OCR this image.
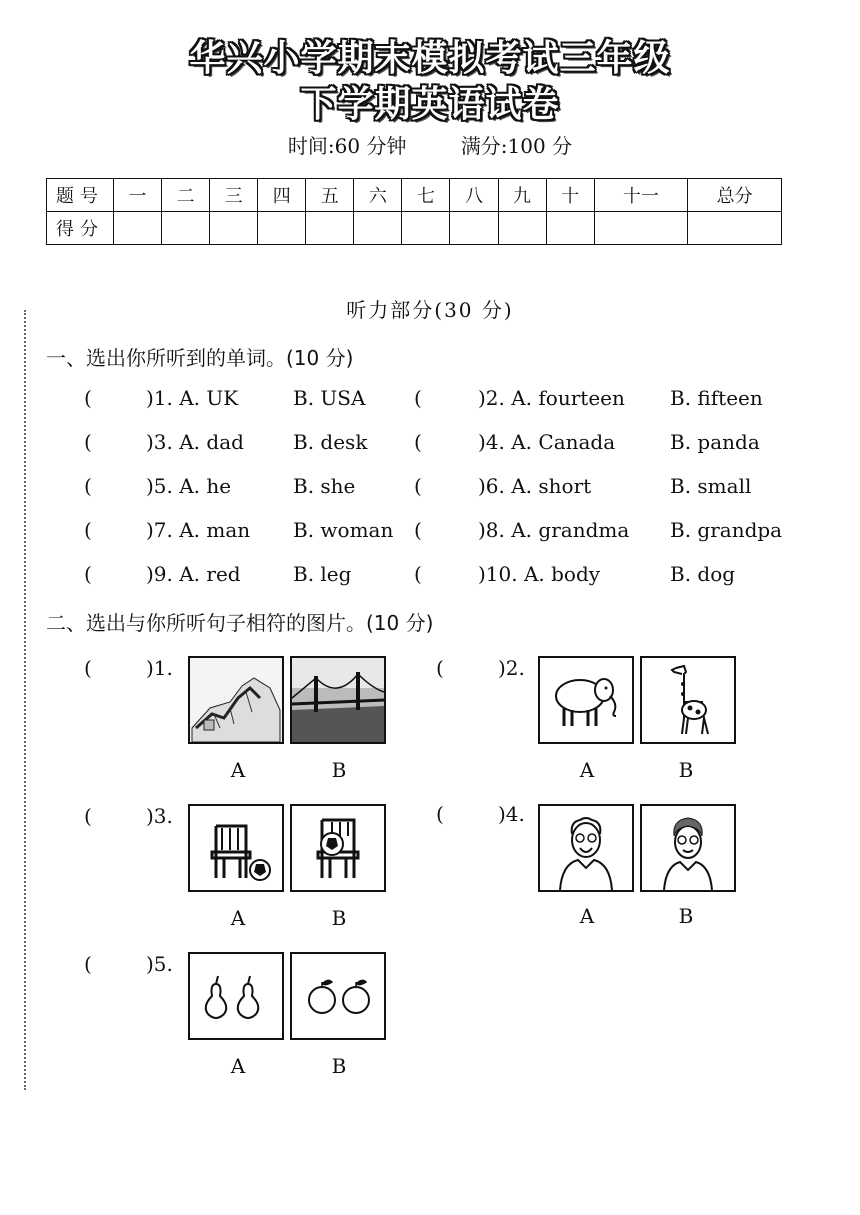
华兴小学期末模拟考试三年级
下学期英语试卷
时间:60 分钟	满分:100 分
题号	一	二	三	四	五	六	七	八	九	十	十一	总分
得分												
听力部分(30 分)
一、选出你所听到的单词。(10 分)
(	)1. A. UK	B. USA (	)2. A. fourteen B. fifteen
(	)3. A. dad B. desk (	)4. A. Canada	B. panda
(	)5. A. he	B. she	(	)6. A. short	B. small
(	)7. A. man B. woman (	)8. A. grandma B. grandpa
(	)9. A. red	B. leg	(	)10. A. body	B. dog
二、选出与你所听句子相符的图片。(10 分)
(	)1.
A	B
(	)2.
A	B
(	)3.
A	B
(	)4.
A	B
(	)5.
A	B
